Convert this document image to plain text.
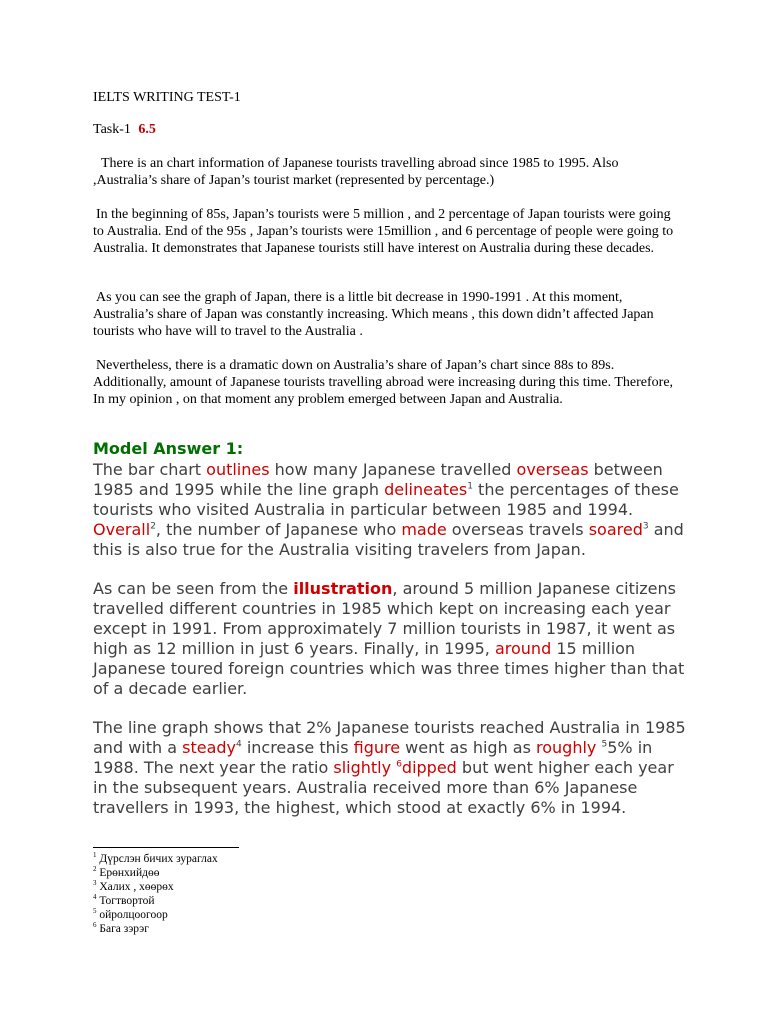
IELTS WRITING TEST-1
Task-1 6.5

There is an chart information of Japanese tourists travelling abroad since 1985 to 1995. Also ,Australia’s share of Japan’s tourist market (represented by percentage.)

In the beginning of 85s, Japan’s tourists were 5 million , and 2 percentage of Japan tourists were going to Australia. End of the 95s , Japan’s tourists were 15million , and 6 percentage of people were going to Australia. It demonstrates that Japanese tourists still have interest on Australia during these decades.

As you can see the graph of Japan, there is a little bit decrease in 1990-1991 . At this moment, Australia’s share of Japan was constantly increasing. Which means , this down didn’t affected Japan tourists who have will to travel to the Australia .

Nevertheless, there is a dramatic down on Australia’s share of Japan’s chart since 88s to 89s. Additionally, amount of Japanese tourists travelling abroad were increasing during this time. Therefore, In my opinion , on that moment any problem emerged between Japan and Australia.

Model Answer 1:

The bar chart outlines how many Japanese travelled overseas between 1985 and 1995 while the line graph delineates$^1$ the percentages of these tourists who visited Australia in particular between 1985 and 1994. Overall$^2$, the number of Japanese who made overseas travels soared$^3$ and this is also true for the Australia visiting travelers from Japan.

As can be seen from the illustration, around 5 million Japanese citizens travelled different countries in 1985 which kept on increasing each year except in 1991. From approximately 7 million tourists in 1987, it went as high as 12 million in just 6 years. Finally, in 1995, around 15 million Japanese toured foreign countries which was three times higher than that of a decade earlier.

The line graph shows that 2% Japanese tourists reached Australia in 1985 and with a steady$^4$ increase this figure went as high as roughly $^5$5% in 1988. The next year the ratio slightly $^6$dipped but went higher each year in the subsequent years. Australia received more than 6% Japanese travellers in 1993, the highest, which stood at exactly 6% in 1994.

$^1$ Дүрслэн бичих зураглах
$^2$ Ерөнхийдөө
$^3$ Халих , хөөрөх
$^4$ Тогтвортой
$^5$ ойролцоогоор
$^6$ Бага зэрэг
